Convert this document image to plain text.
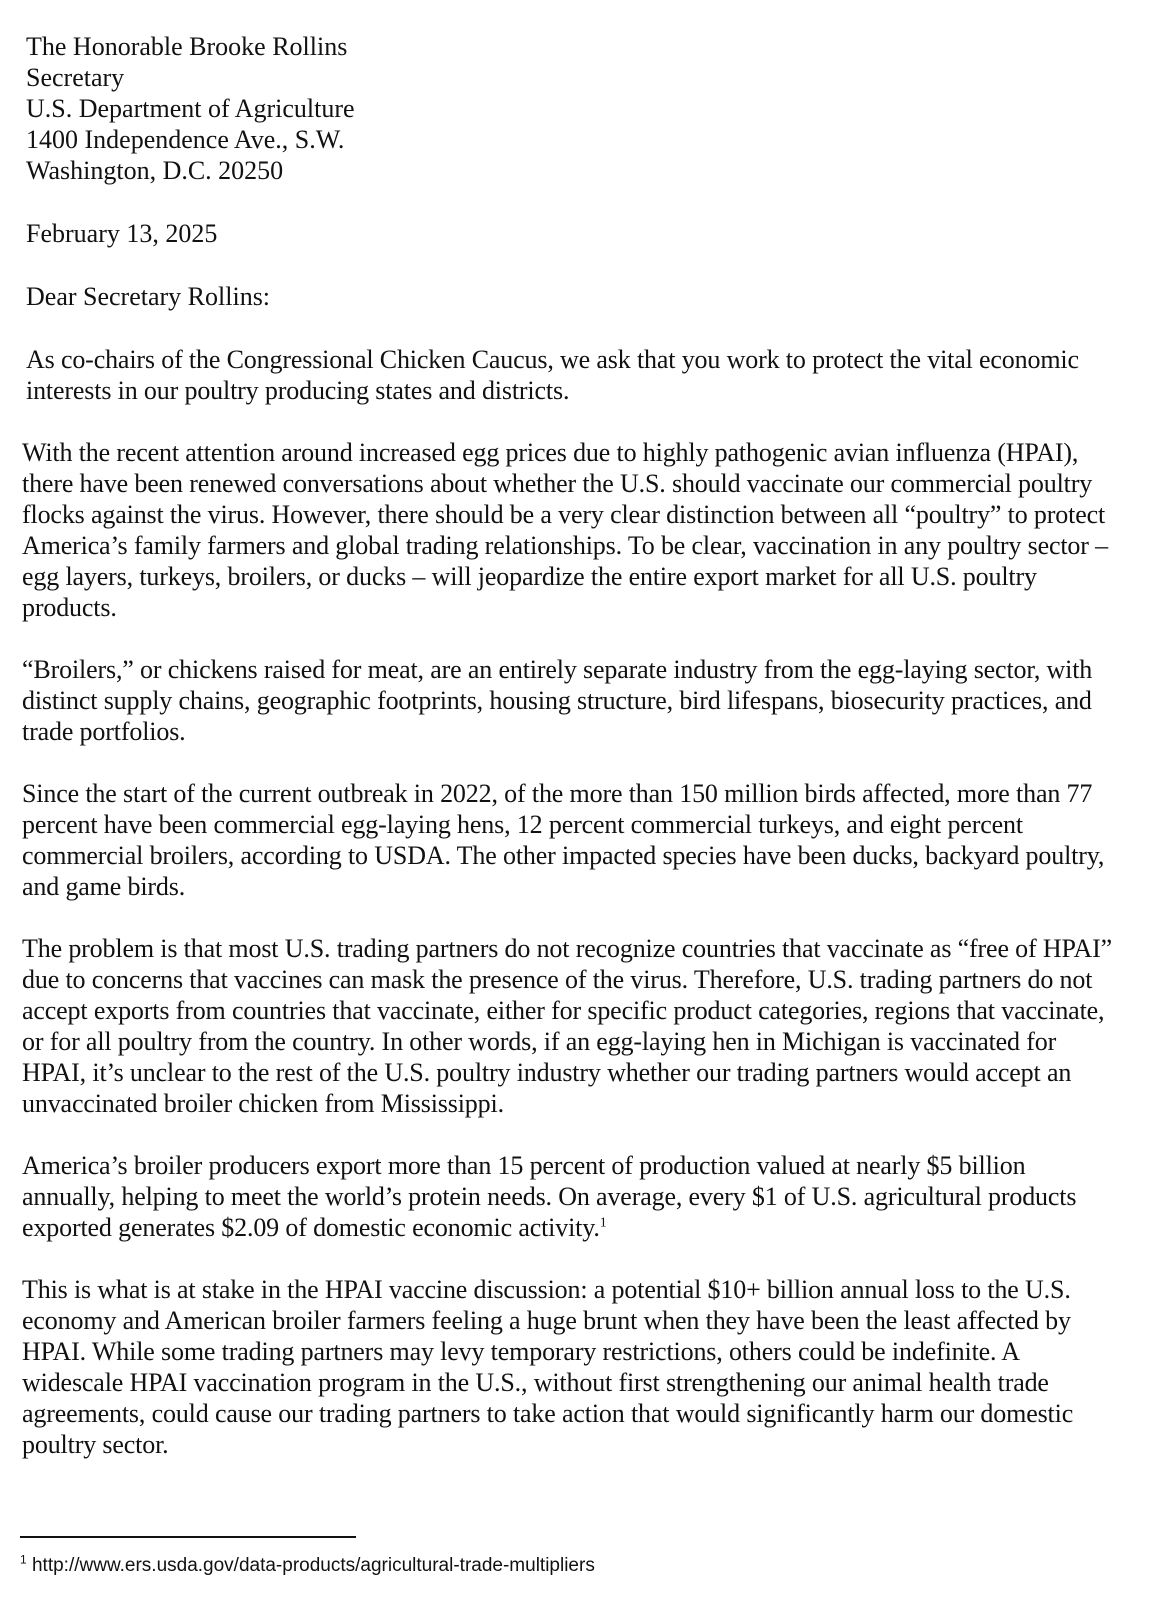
The Honorable Brooke Rollins
Secretary
U.S. Department of Agriculture
1400 Independence Ave., S.W.
Washington, D.C. 20250
February 13, 2025
Dear Secretary Rollins:

As co-chairs of the Congressional Chicken Caucus, we ask that you work to protect the vital economic interests in our poultry producing states and districts.

With the recent attention around increased egg prices due to highly pathogenic avian influenza (HPAI), there have been renewed conversations about whether the U.S. should vaccinate our commercial poultry flocks against the virus. However, there should be a very clear distinction between all “poultry” to protect America’s family farmers and global trading relationships. To be clear, vaccination in any poultry sector – egg layers, turkeys, broilers, or ducks – will jeopardize the entire export market for all U.S. poultry products.

“Broilers,” or chickens raised for meat, are an entirely separate industry from the egg-laying sector, with distinct supply chains, geographic footprints, housing structure, bird lifespans, biosecurity practices, and trade portfolios.

Since the start of the current outbreak in 2022, of the more than 150 million birds affected, more than 77 percent have been commercial egg-laying hens, 12 percent commercial turkeys, and eight percent commercial broilers, according to USDA. The other impacted species have been ducks, backyard poultry, and game birds.

The problem is that most U.S. trading partners do not recognize countries that vaccinate as “free of HPAI” due to concerns that vaccines can mask the presence of the virus. Therefore, U.S. trading partners do not accept exports from countries that vaccinate, either for specific product categories, regions that vaccinate, or for all poultry from the country. In other words, if an egg-laying hen in Michigan is vaccinated for HPAI, it’s unclear to the rest of the U.S. poultry industry whether our trading partners would accept an unvaccinated broiler chicken from Mississippi.

America’s broiler producers export more than 15 percent of production valued at nearly $5 billion annually, helping to meet the world’s protein needs. On average, every $1 of U.S. agricultural products exported generates $2.09 of domestic economic activity.$^1$

This is what is at stake in the HPAI vaccine discussion: a potential $10+ billion annual loss to the U.S. economy and American broiler farmers feeling a huge brunt when they have been the least affected by HPAI. While some trading partners may levy temporary restrictions, others could be indefinite. A widescale HPAI vaccination program in the U.S., without first strengthening our animal health trade agreements, could cause our trading partners to take action that would significantly harm our domestic poultry sector.

$^1$ http://www.ers.usda.gov/data-products/agricultural-trade-multipliers
